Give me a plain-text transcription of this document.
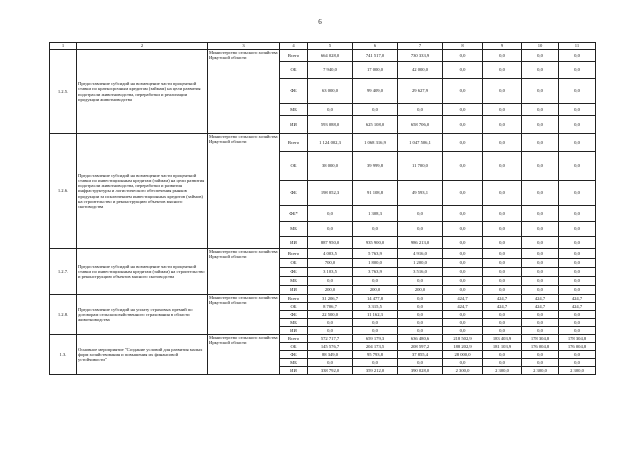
6
1	2	3	4	5	6	7	8	9	10	11
1.2.5.	Предоставление субсидий на возмещение части процентной ставки по краткосрочным кредитам (займам) на цели развития подотрасли животноводства, переработки и реализации продукции животноводства	Министерство сельского хозяйства Иркутской области	Всего	664 028,0	741 517,0	730 333,9	0,0	0,0	0,0	0,0
			ОБ	7 940,0	17 000,0	42 000,0	0,0	0,0	0,0	0,0
			ФБ	63 000,0	99 409,0	29 627,9	0,0	0,0	0,0	0,0
			МБ	0,0	0,0	0,0	0,0	0,0	0,0	0,0
			ИИ	593 088,0	625 108,0	658 706,0	0,0	0,0	0,0	0,0
1.2.6.	Предоставление субсидий на возмещение части процентной ставки по инвестиционным кредитам (займам) на цели развития подотрасли животноводства, переработки и развития инфраструктуры и логистического обеспечения рынков продукции за исключением инвестиционных кредитов (займов) на строительство и реконструкцию объектов мясного скотоводства	Министерство сельского хозяйства Иркутской области	Всего	1 124 002,3	1 068 316,9	1 047 506,1	0,0	0,0	0,0	0,0
			ОБ	38 000,0	39 999,8	11 700,0	0,0	0,0	0,0	0,0
			ФБ	198 052,3	91 108,8	49 593,1	0,0	0,0	0,0	0,0
			ФБ*	0,0	1 308,3	0,0	0,0	0,0	0,0	0,0
			МБ	0,0	0,0	0,0	0,0	0,0	0,0	0,0
			ИИ	887 950,0	935 900,0	986 213,0	0,0	0,0	0,0	0,0
1.2.7.	Предоставление субсидий на возмещение части процентной ставки по инвестиционным кредитам (займам) на строительство и реконструкцию объектов мясного скотоводства	Министерство сельского хозяйства Иркутской области	Всего	4 003,5	5 763,9	4 916,0	0,0	0,0	0,0	0,0
			ОБ	700,0	1 800,0	1 200,0	0,0	0,0	0,0	0,0
			ФБ	3 103,5	3 763,9	3 516,0	0,0	0,0	0,0	0,0
			МБ	0,0	0,0	0,0	0,0	0,0	0,0	0,0
			ИИ	200,0	200,0	200,0	0,0	0,0	0,0	0,0
1.2.8.	Предоставление субсидий на уплату страховых премий по договорам сельскохозяйственного страхования в области животноводства	Министерство сельского хозяйства Иркутской области	Всего	31 206,7	14 477,8	0,0	424,7	424,7	424,7	424,7
			ОБ	8 706,7	3 315,5	0,0	424,7	424,7	424,7	424,7
			ФБ	22 500,0	11 162,3	0,0	0,0	0,0	0,0	0,0
			МБ	0,0	0,0	0,0	0,0	0,0	0,0	0,0
			ИИ	0,0	0,0	0,0	0,0	0,0	0,0	0,0
1.3.	Основное мероприятие "Создание условий для развития малых форм хозяйствования и повышения их финансовой устойчивости"	Министерство сельского хозяйства Иркутской области	Всего	572 717,7	659 179,3	636 480,6	218 502,9	183 403,9	178 304,8	178 304,8
			ОБ	145 576,7	204 173,5	208 597,2	188 202,9	181 103,9	176 004,8	176 004,8
			ФБ	88 349,0	95 793,8	37 855,4	28 000,0	0,0	0,0	0,0
			МБ	0,0	0,0	0,0	0,0	0,0	0,0	0,0
			ИИ	338 792,0	359 212,0	390 028,0	2 300,0	2 300,0	2 300,0	2 300,0
